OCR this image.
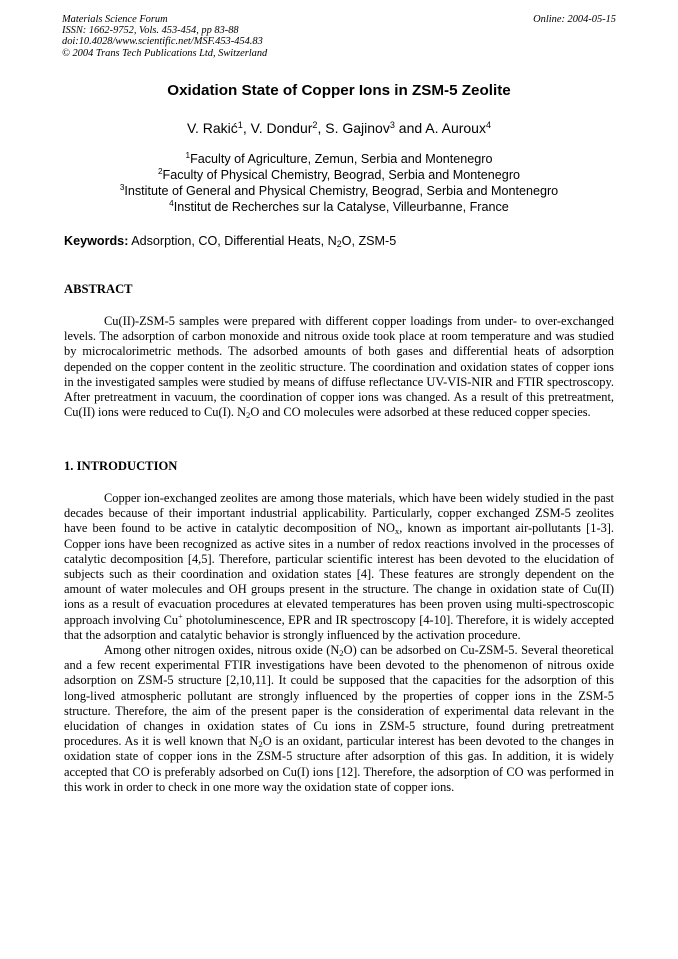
Materials Science Forum
ISSN: 1662-9752, Vols. 453-454, pp 83-88
doi:10.4028/www.scientific.net/MSF.453-454.83
© 2004 Trans Tech Publications Ltd, Switzerland
Online: 2004-05-15
Oxidation State of Copper Ions in ZSM-5 Zeolite
V. Rakić$^1$, V. Dondur$^2$, S. Gajinov$^3$ and A. Auroux$^4$
$^1$Faculty of Agriculture, Zemun, Serbia and Montenegro
$^2$Faculty of Physical Chemistry, Beograd, Serbia and Montenegro
$^3$Institute of General and Physical Chemistry, Beograd, Serbia and Montenegro
$^4$Institut de Recherches sur la Catalyse, Villeurbanne, France
Keywords: Adsorption, CO, Differential Heats, $N_2O$, ZSM-5
ABSTRACT

Cu(II)-ZSM-5 samples were prepared with different copper loadings from under- to over-exchanged levels. The adsorption of carbon monoxide and nitrous oxide took place at room temperature and was studied by microcalorimetric methods. The adsorbed amounts of both gases and differential heats of adsorption depended on the copper content in the zeolitic structure. The coordination and oxidation states of copper ions in the investigated samples were studied by means of diffuse reflectance UV-VIS-NIR and FTIR spectroscopy. After pretreatment in vacuum, the coordination of copper ions was changed. As a result of this pretreatment, Cu(II) ions were reduced to Cu(I). $N_2O$ and CO molecules were adsorbed at these reduced copper species.

1. INTRODUCTION

Copper ion-exchanged zeolites are among those materials, which have been widely studied in the past decades because of their important industrial applicability. Particularly, copper exchanged ZSM-5 zeolites have been found to be active in catalytic decomposition of $NO_x$, known as important air-pollutants [1-3]. Copper ions have been recognized as active sites in a number of redox reactions involved in the processes of catalytic decomposition [4,5]. Therefore, particular scientific interest has been devoted to the elucidation of subjects such as their coordination and oxidation states [4]. These features are strongly dependent on the amount of water molecules and OH groups present in the structure. The change in oxidation state of Cu(II) ions as a result of evacuation procedures at elevated temperatures has been proven using multi-spectroscopic approach involving Cu+ photoluminescence, EPR and IR spectroscopy [4-10]. Therefore, it is widely accepted that the adsorption and catalytic behavior is strongly influenced by the activation procedure.

Among other nitrogen oxides, nitrous oxide $(N_2O)$ can be adsorbed on Cu-ZSM-5. Several theoretical and a few recent experimental FTIR investigations have been devoted to the phenomenon of nitrous oxide adsorption on ZSM-5 structure [2,10,11]. It could be supposed that the capacities for the adsorption of this long-lived atmospheric pollutant are strongly influenced by the properties of copper ions in the ZSM-5 structure. Therefore, the aim of the present paper is the consideration of experimental data relevant in the elucidation of changes in oxidation states of Cu ions in ZSM-5 structure, found during pretreatment procedures. As it is well known that $N_2O$ is an oxidant, particular interest has been devoted to the changes in oxidation state of copper ions in the ZSM-5 structure after adsorption of this gas. In addition, it is widely accepted that CO is preferably adsorbed on Cu(I) ions [12]. Therefore, the adsorption of CO was performed in this work in order to check in one more way the oxidation state of copper ions.
